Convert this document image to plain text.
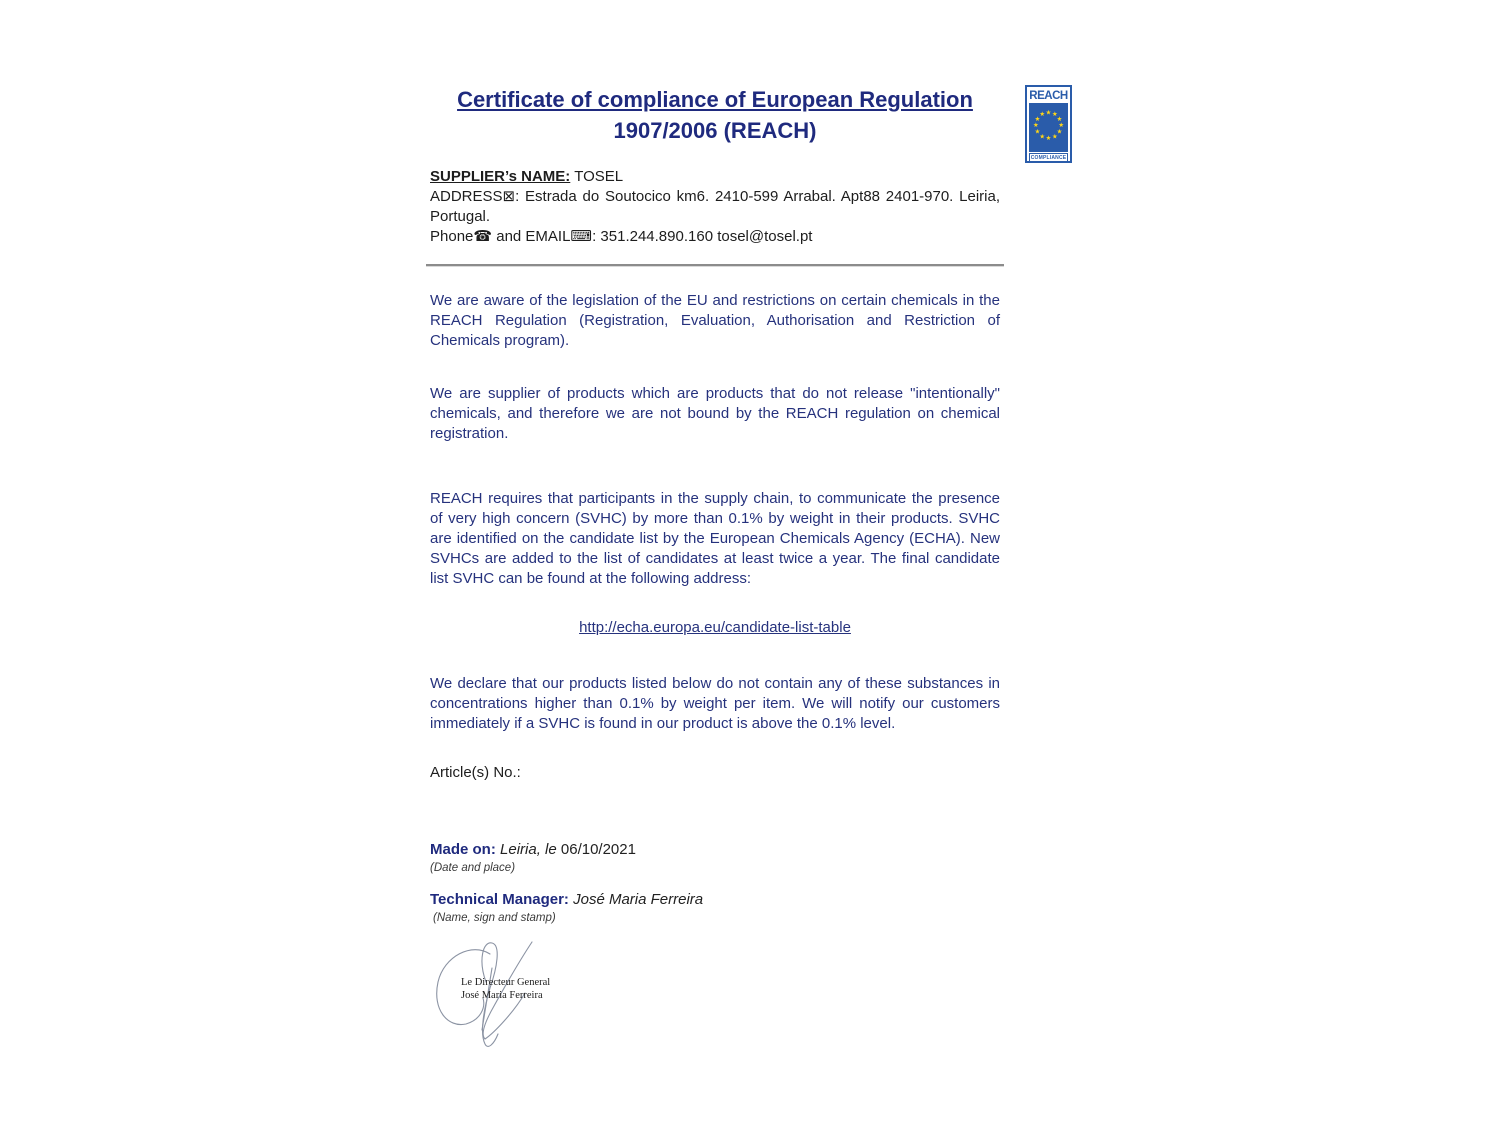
Certificate of compliance of European Regulation
1907/2006 (REACH)
REACH
★ ★
★
★
★
★
★
★
★
★
★
★
COMPLIANCE
SUPPLIER’s NAME: TOSEL
ADDRESS⊠: Estrada do Soutocico km6. 2410-599 Arrabal. Apt88 2401-970. Leiria, Portugal.
Phone☎ and EMAIL⌨: 351.244.890.160 tosel@tosel.pt
We are aware of the legislation of the EU and restrictions on certain chemicals in the REACH Regulation (Registration, Evaluation, Authorisation and Restriction of Chemicals program).
We are supplier of products which are products that do not release "intentionally" chemicals, and therefore we are not bound by the REACH regulation on chemical registration.
REACH requires that participants in the supply chain, to communicate the presence of very high concern (SVHC) by more than 0.1% by weight in their products. SVHC are identified on the candidate list by the European Chemicals Agency (ECHA). New SVHCs are added to the list of candidates at least twice a year. The final candidate list SVHC can be found at the following address:
http://echa.europa.eu/candidate-list-table
We declare that our products listed below do not contain any of these substances in concentrations higher than 0.1% by weight per item. We will notify our customers immediately if a SVHC is found in our product is above the 0.1% level.
Article(s) No.:
Made on: Leiria, le 06/10/2021
(Date and place)
Technical Manager: José Maria Ferreira
(Name, sign and stamp)
Le Directeur General
José Maria Ferreira
